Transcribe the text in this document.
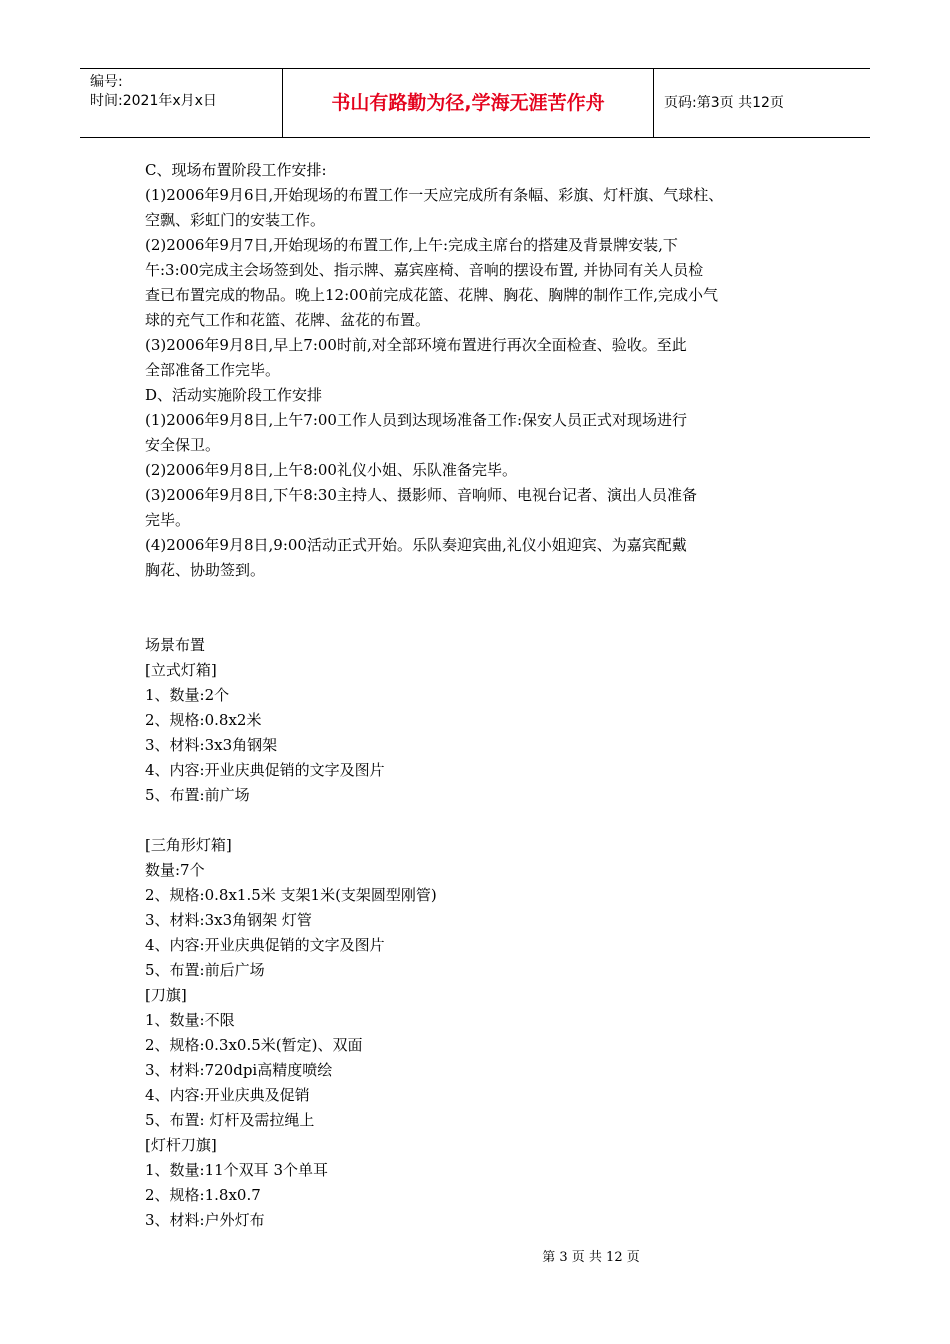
编号:
时间:2021年x月x日	书山有路勤为径,学海无涯苦作舟	页码:第3页 共12页

C、现场布置阶段工作安排:

(1)2006年9月6日,开始现场的布置工作一天应完成所有条幅、彩旗、灯杆旗、气球柱、

空飘、彩虹门的安装工作。

(2)2006年9月7日,开始现场的布置工作,上午:完成主席台的搭建及背景牌安装,下

午:3:00完成主会场签到处、指示牌、嘉宾座椅、音响的摆设布置, 并协同有关人员检

查已布置完成的物品。晚上12:00前完成花篮、花牌、胸花、胸牌的制作工作,完成小气

球的充气工作和花篮、花牌、盆花的布置。

(3)2006年9月8日,早上7:00时前,对全部环境布置进行再次全面检查、验收。至此

全部准备工作完毕。

D、活动实施阶段工作安排

(1)2006年9月8日,上午7:00工作人员到达现场准备工作:保安人员正式对现场进行

安全保卫。

(2)2006年9月8日,上午8:00礼仪小姐、乐队准备完毕。

(3)2006年9月8日,下午8:30主持人、摄影师、音响师、电视台记者、演出人员准备

完毕。

(4)2006年9月8日,9:00活动正式开始。乐队奏迎宾曲,礼仪小姐迎宾、为嘉宾配戴

胸花、协助签到。

场景布置

[立式灯箱]

1、数量:2个

2、规格:0.8x2米

3、材料:3x3角钢架

4、内容:开业庆典促销的文字及图片

5、布置:前广场

[三角形灯箱]

数量:7个

2、规格:0.8x1.5米 支架1米(支架圆型刚管)

3、材料:3x3角钢架 灯管

4、内容:开业庆典促销的文字及图片

5、布置:前后广场

[刀旗]

1、数量:不限

2、规格:0.3x0.5米(暂定)、双面

3、材料:720dpi高精度喷绘

4、内容:开业庆典及促销

5、布置: 灯杆及需拉绳上

[灯杆刀旗]

1、数量:11个双耳 3个单耳

2、规格:1.8x0.7

3、材料:户外灯布

第 3 页 共 12 页
